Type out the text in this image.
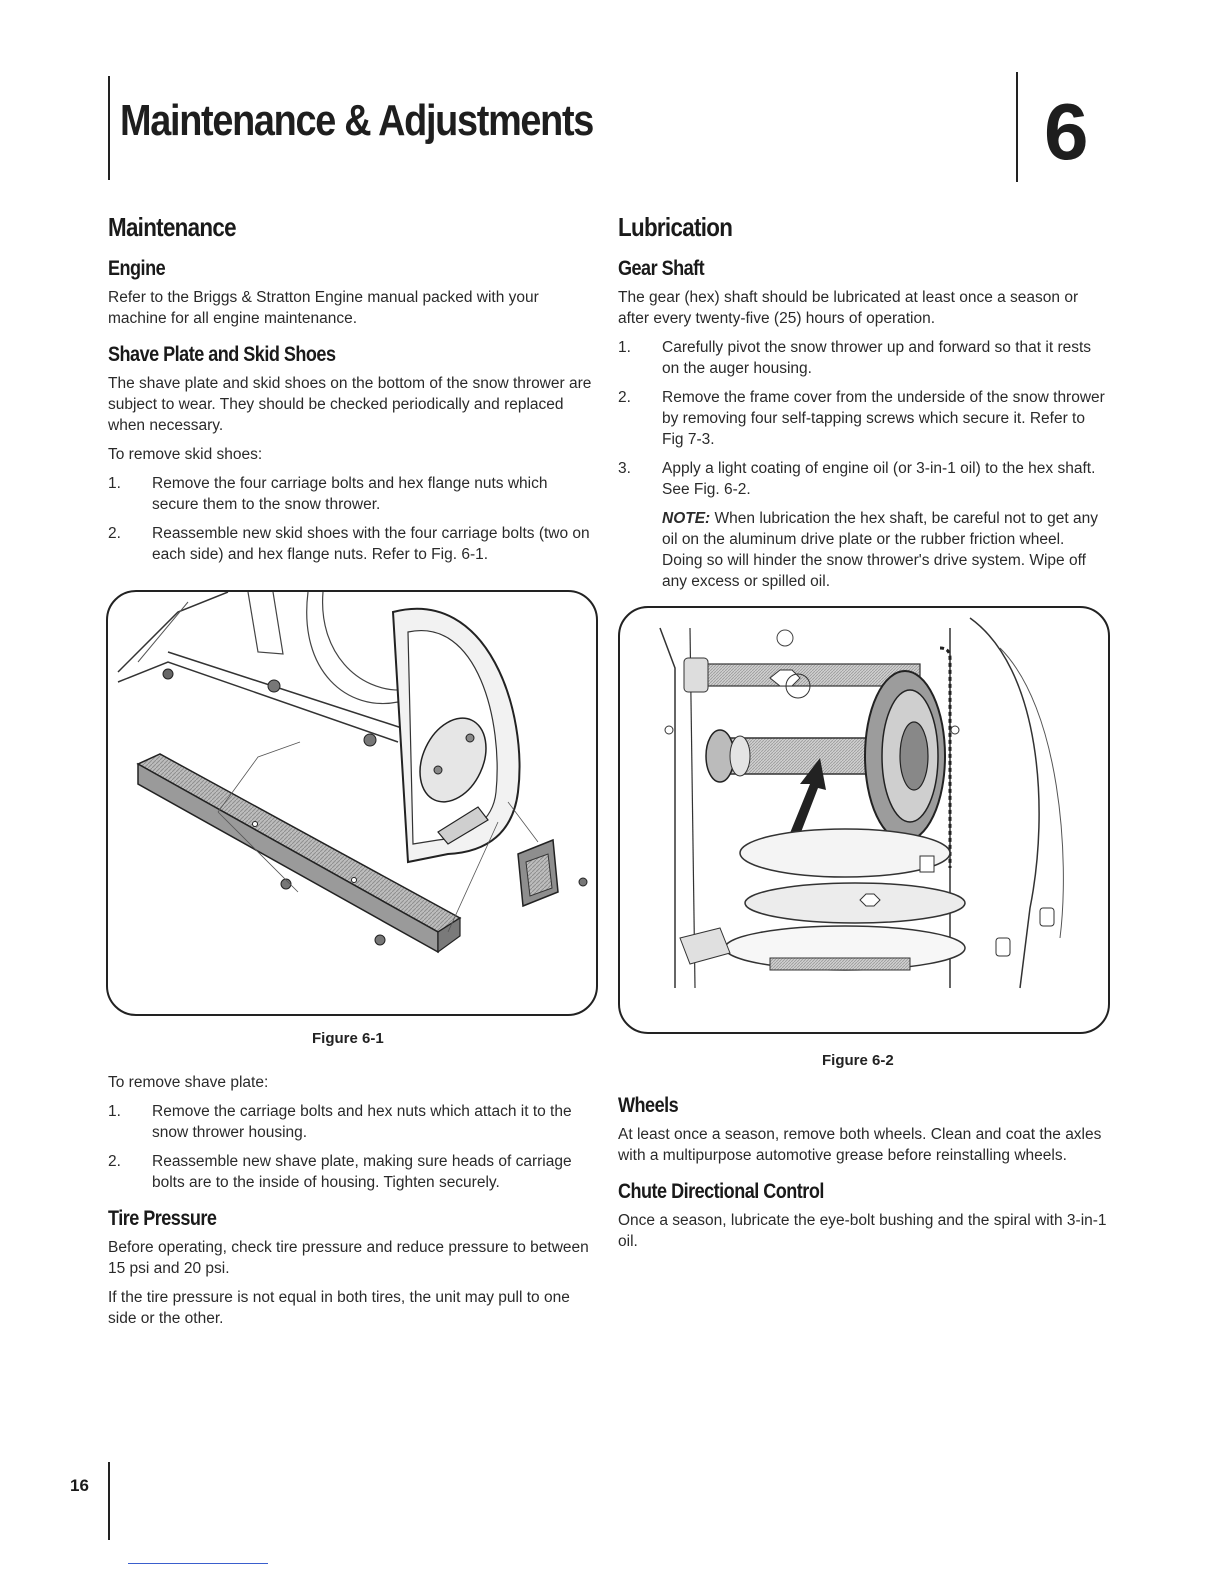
Maintenance & Adjustments	6
Maintenance
Engine

Refer to the Briggs & Stratton Engine manual packed with your machine for all engine maintenance.

Shave Plate and Skid Shoes

The shave plate and skid shoes on the bottom of the snow thrower are subject to wear. They should be checked periodically and replaced when necessary.

To remove skid shoes:

1. Remove the four carriage bolts and hex flange nuts which secure them to the snow thrower.
2. Reassemble new skid shoes with the four carriage bolts (two on each side) and hex flange nuts. Refer to Fig. 6-1.
Figure 6-1

To remove shave plate:

1. Remove the carriage bolts and hex nuts which attach it to the snow thrower housing.
2. Reassemble new shave plate, making sure heads of carriage bolts are to the inside of housing. Tighten securely.
Tire Pressure

Before operating, check tire pressure and reduce pressure to between 15 psi and 20 psi.

If the tire pressure is not equal in both tires, the unit may pull to one side or the other.

Lubrication
Gear Shaft

The gear (hex) shaft should be lubricated at least once a season or after every twenty-five (25) hours of operation.

1. Carefully pivot the snow thrower up and forward so that it rests on the auger housing.
2. Remove the frame cover from the underside of the snow thrower by removing four self-tapping screws which secure it. Refer to Fig 7-3.
3. Apply a light coating of engine oil (or 3-in-1 oil) to the hex shaft. See Fig. 6-2.

NOTE: When lubrication the hex shaft, be careful not to get any oil on the aluminum drive plate or the rubber friction wheel. Doing so will hinder the snow thrower's drive system. Wipe off any excess or spilled oil.

Figure 6-2
Wheels

At least once a season, remove both wheels. Clean and coat the axles with a multipurpose automotive grease before reinstalling wheels.

Chute Directional Control

Once a season, lubricate the eye-bolt bushing and the spiral with 3-in-1 oil.

16
